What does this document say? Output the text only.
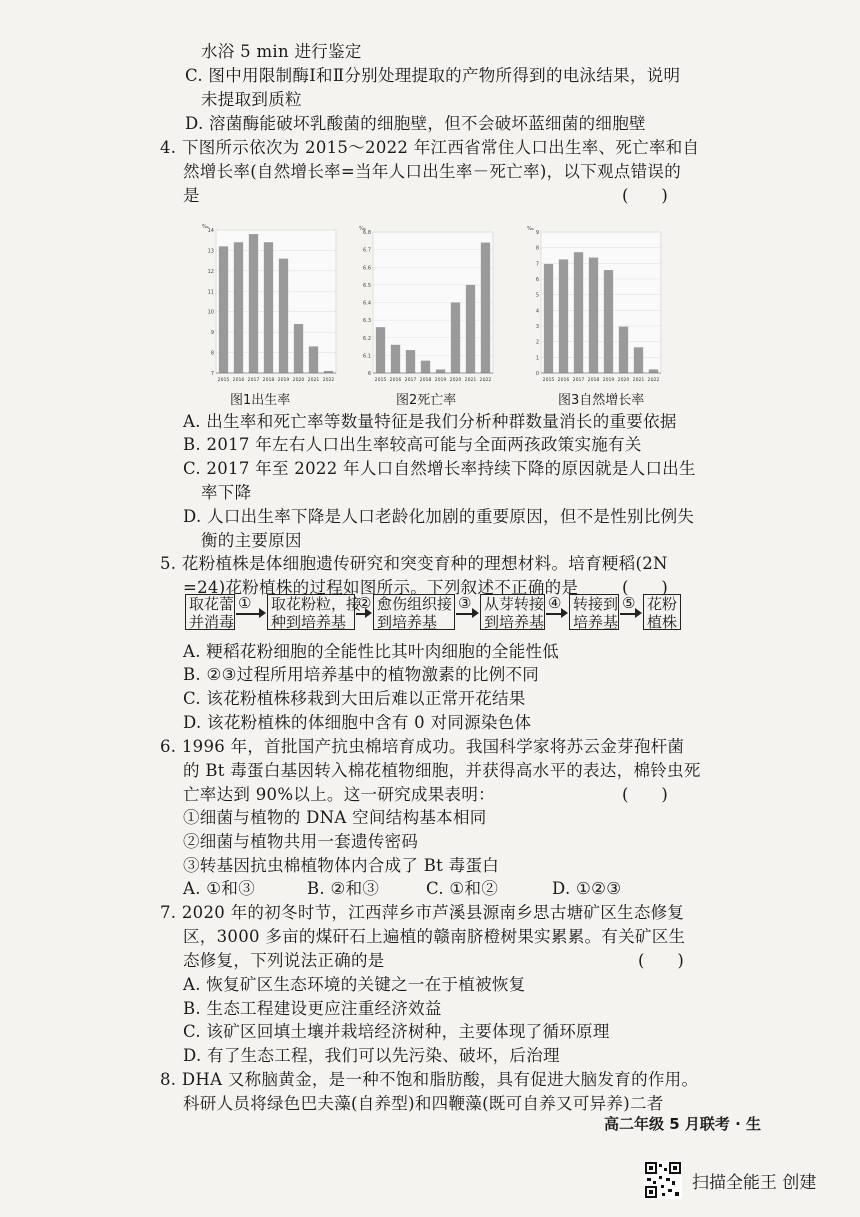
水浴 5 min 进行鉴定
C. 图中用限制酶Ⅰ和Ⅱ分别处理提取的产物所得到的电泳结果，说明
未提取到质粒
D. 溶菌酶能破坏乳酸菌的细胞壁，但不会破坏蓝细菌的细胞壁
4. 下图所示依次为 2015～2022 年江西省常住人口出生率、死亡率和自
然增长率(自然增长率=当年人口出生率－死亡率)，以下观点错误的
是
A. 出生率和死亡率等数量特征是我们分析种群数量消长的重要依据
B. 2017 年左右人口出生率较高可能与全面两孩政策实施有关
C. 2017 年至 2022 年人口自然增长率持续下降的原因就是人口出生
率下降
D. 人口出生率下降是人口老龄化加剧的重要原因，但不是性别比例失
衡的主要原因
5. 花粉植株是体细胞遗传研究和突变育种的理想材料。培育粳稻(2N
=24)花粉植株的过程如图所示。下列叙述不正确的是
A. 粳稻花粉细胞的全能性比其叶肉细胞的全能性低
B. ②③过程所用培养基中的植物激素的比例不同
C. 该花粉植株移栽到大田后难以正常开花结果
D. 该花粉植株的体细胞中含有 0 对同源染色体
6. 1996 年，首批国产抗虫棉培育成功。我国科学家将苏云金芽孢杆菌
的 Bt 毒蛋白基因转入棉花植物细胞，并获得高水平的表达，棉铃虫死
亡率达到 90%以上。这一研究成果表明：
①细菌与植物的 DNA 空间结构基本相同
②细菌与植物共用一套遗传密码
③转基因抗虫棉植物体内合成了 Bt 毒蛋白
A. ①和③	B. ②和③	C. ①和②	D. ①②③
7. 2020 年的初冬时节，江西萍乡市芦溪县源南乡思古塘矿区生态修复
区，3000 多亩的煤矸石上遍植的赣南脐橙树果实累累。有关矿区生
态修复，下列说法正确的是
A. 恢复矿区生态环境的关键之一在于植被恢复
B. 生态工程建设更应注重经济效益
C. 该矿区回填土壤并栽培经济树种，主要体现了循环原理
D. 有了生态工程，我们可以先污染、破坏，后治理
8. DHA 又称脑黄金，是一种不饱和脂肪酸，具有促进大脑发育的作用。
科研人员将绿色巴夫藻(自养型)和四鞭藻(既可自养又可异养)二者
(　　)
(　　)
(　　)
(　　)
‰
7
8
9
10
11
12
13
14
2015 2016 2017 2018 2019 2020 2021 2022
‰
6
6.1
6.2
6.3
6.4
6.5
6.6
6.7
6.8
2015 2016 2017 2018 2019 2020 2021 2022
‰
0
1
2
3
4
5
6
7
8
9
2015 2016 2017 2018 2019 2020 2021 2022
图1出生率	图2死亡率	图3自然增长率
取花蕾
并消毒
取花粉粒，接
种到培养基
愈伤组织接
到培养基
从芽转接
到培养基
转接到
培养基
花粉
植株
①	②	③	④	⑤
高二年级 5 月联考 · 生
扫描全能王 创建
